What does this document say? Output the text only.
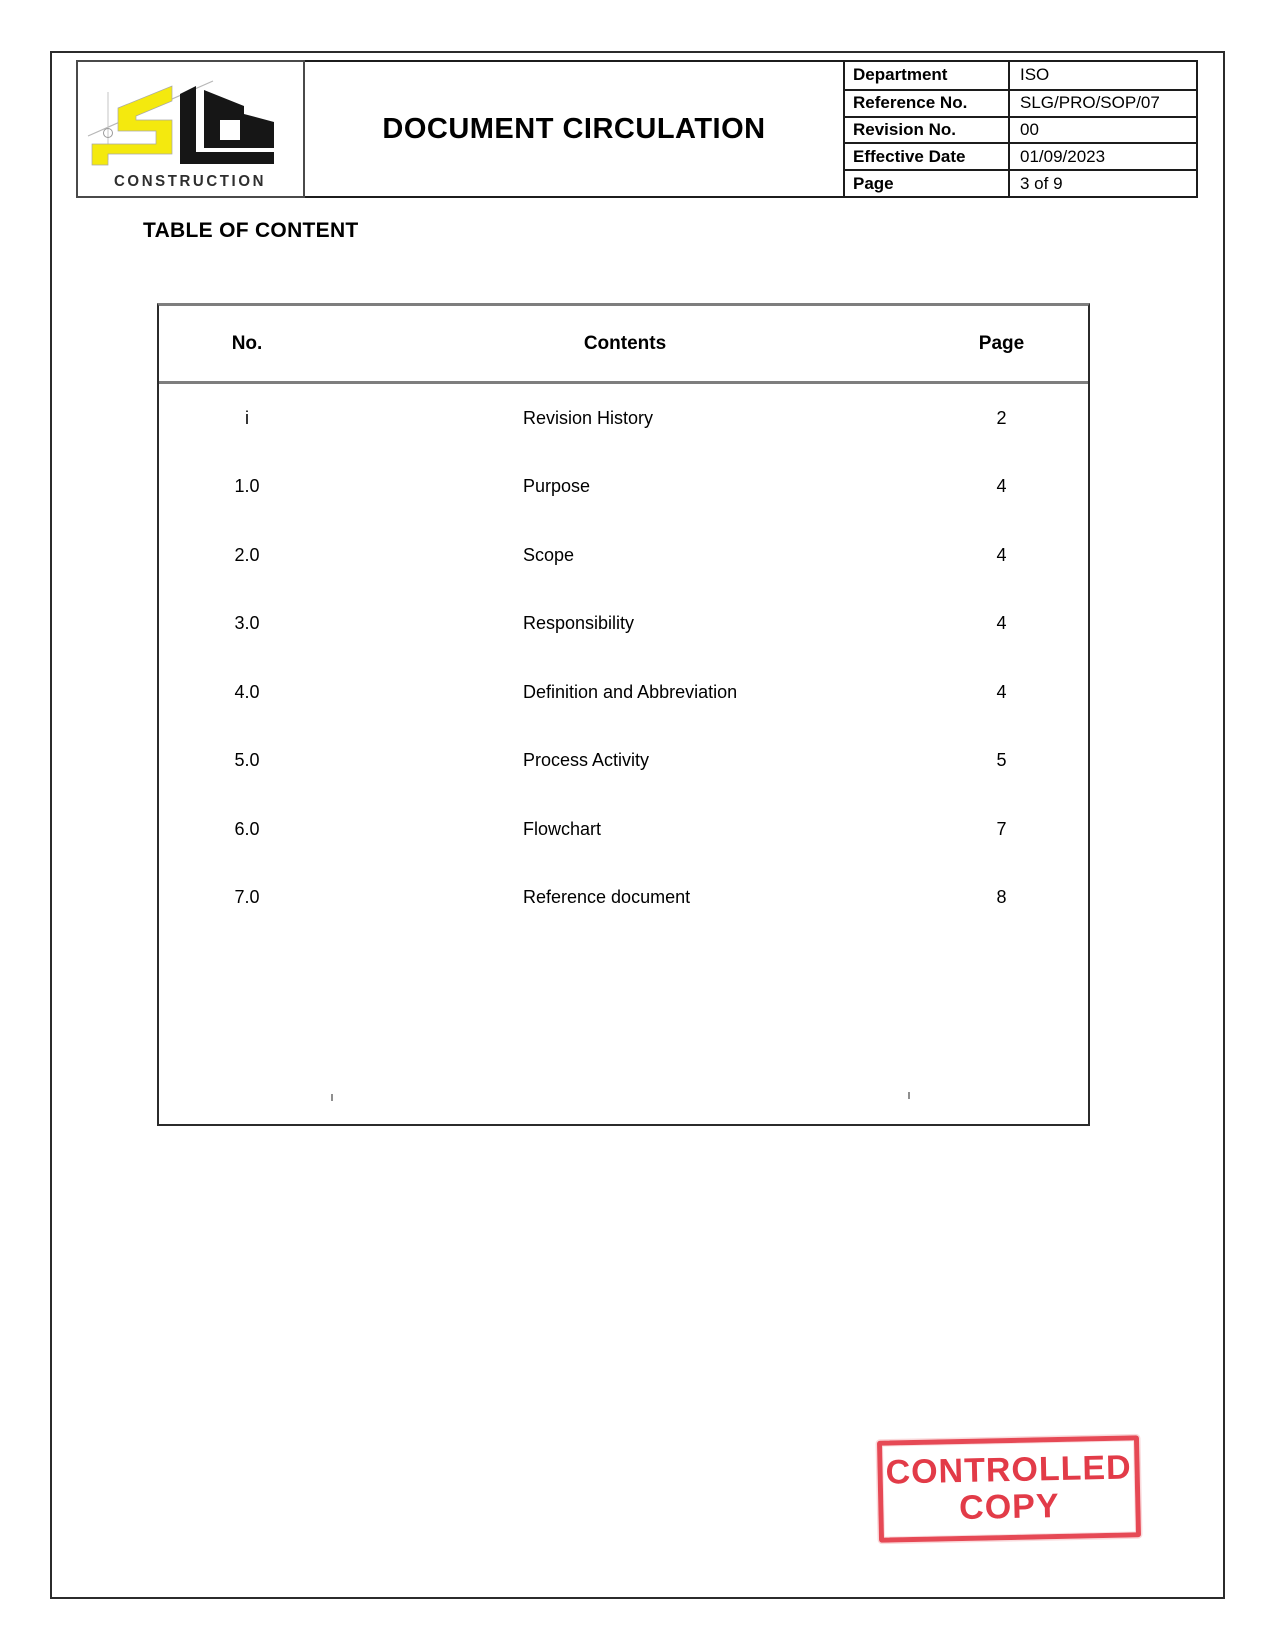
CONSTRUCTION
DOCUMENT CIRCULATION
Department	ISO
Reference No.	SLG/PRO/SOP/07
Revision No.	00
Effective Date	01/09/2023
Page	3 of 9
TABLE OF CONTENT
No.	Contents	Page
i	Revision History	2
1.0	Purpose	4
2.0	Scope	4
3.0	Responsibility	4
4.0	Definition and Abbreviation	4
5.0	Process Activity	5
6.0	Flowchart	7
7.0	Reference document	8
CONTROLLED
COPY
